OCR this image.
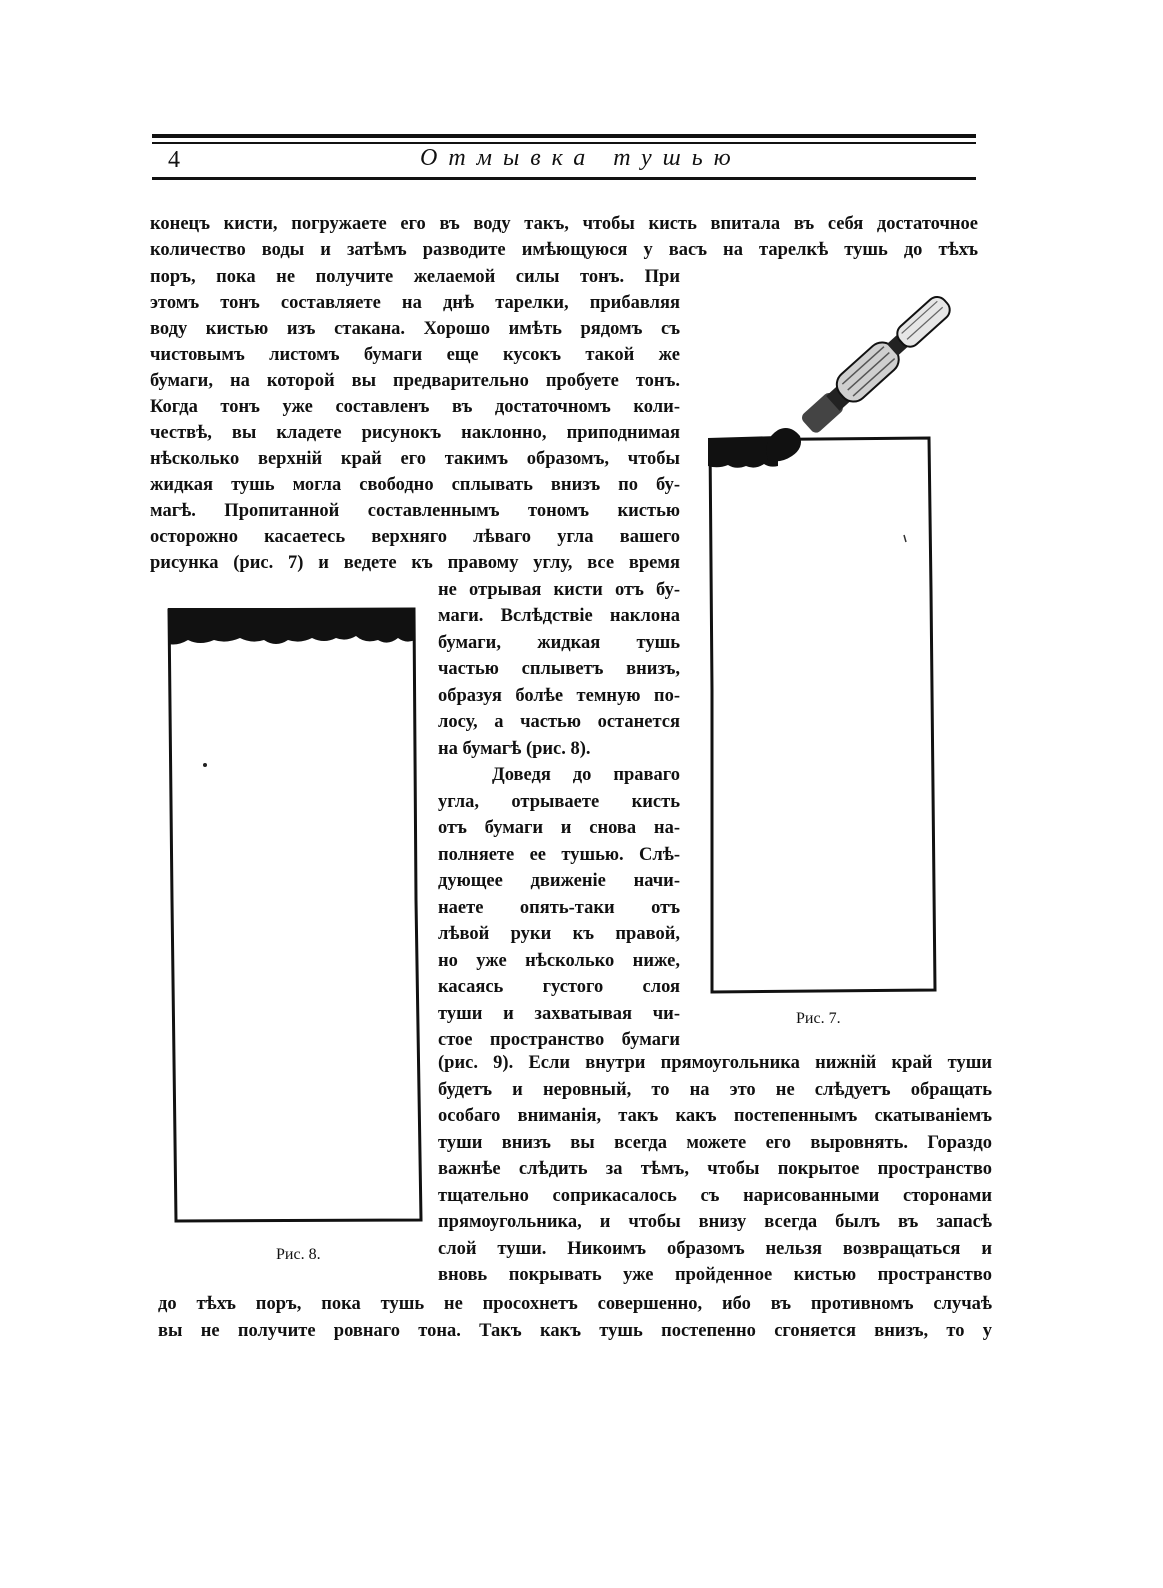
4	Отмывка тушью
конецъ кисти, погружаете его въ воду такъ, чтобы кисть впитала въ себя достаточное
количество воды и затѣмъ разводите имѣющуюся у васъ на тарелкѣ тушь до тѣхъ
поръ, пока не получите желаемой силы тонъ. При
этомъ тонъ составляете на днѣ тарелки, прибавляя
воду кистью изъ стакана. Хорошо имѣть рядомъ съ
чистовымъ листомъ бумаги еще кусокъ такой же
бумаги, на которой вы предварительно пробуете тонъ.
Когда тонъ уже составленъ въ достаточномъ коли-
чествѣ, вы кладете рисунокъ наклонно, приподнимая
нѣсколько верхній край его такимъ образомъ, чтобы
жидкая тушь могла свободно сплывать внизъ по бу-
магѣ. Пропитанной составленнымъ тономъ кистью
осторожно касаетесь верхняго лѣваго угла вашего
рисунка (рис. 7) и ведете къ правому углу, все время
не отрывая кисти отъ бу-
маги. Вслѣдствіе наклона
бумаги, жидкая тушь
частью сплыветъ внизъ,
образуя болѣе темную по-
лосу, а частью останется
на бумагѣ (рис. 8).
Доведя до праваго
угла, отрываете кисть
отъ бумаги и снова на-
полняете ее тушью. Слѣ-
дующее движеніе начи-
наете опять-таки отъ
лѣвой руки къ правой,
но уже нѣсколько ниже,
касаясь густого слоя
туши и захватывая чи-
стое пространство бумаги
(рис. 9). Если внутри прямоугольника нижній край туши
будетъ и неровный, то на это не слѣдуетъ обращать
особаго вниманія, такъ какъ постепеннымъ скатываніемъ
туши внизъ вы всегда можете его выровнять. Гораздо
важнѣе слѣдить за тѣмъ, чтобы покрытое пространство
тщательно соприкасалось съ нарисованными сторонами
прямоугольника, и чтобы внизу всегда былъ въ запасѣ
слой туши. Никоимъ образомъ нельзя возвращаться и
вновь покрывать уже пройденное кистью пространство
до тѣхъ поръ, пока тушь не просохнетъ совершенно, ибо въ противномъ случаѣ
вы не получите ровнаго тона. Такъ какъ тушь постепенно сгоняется внизъ, то у
Рис. 7.
Рис. 8.
